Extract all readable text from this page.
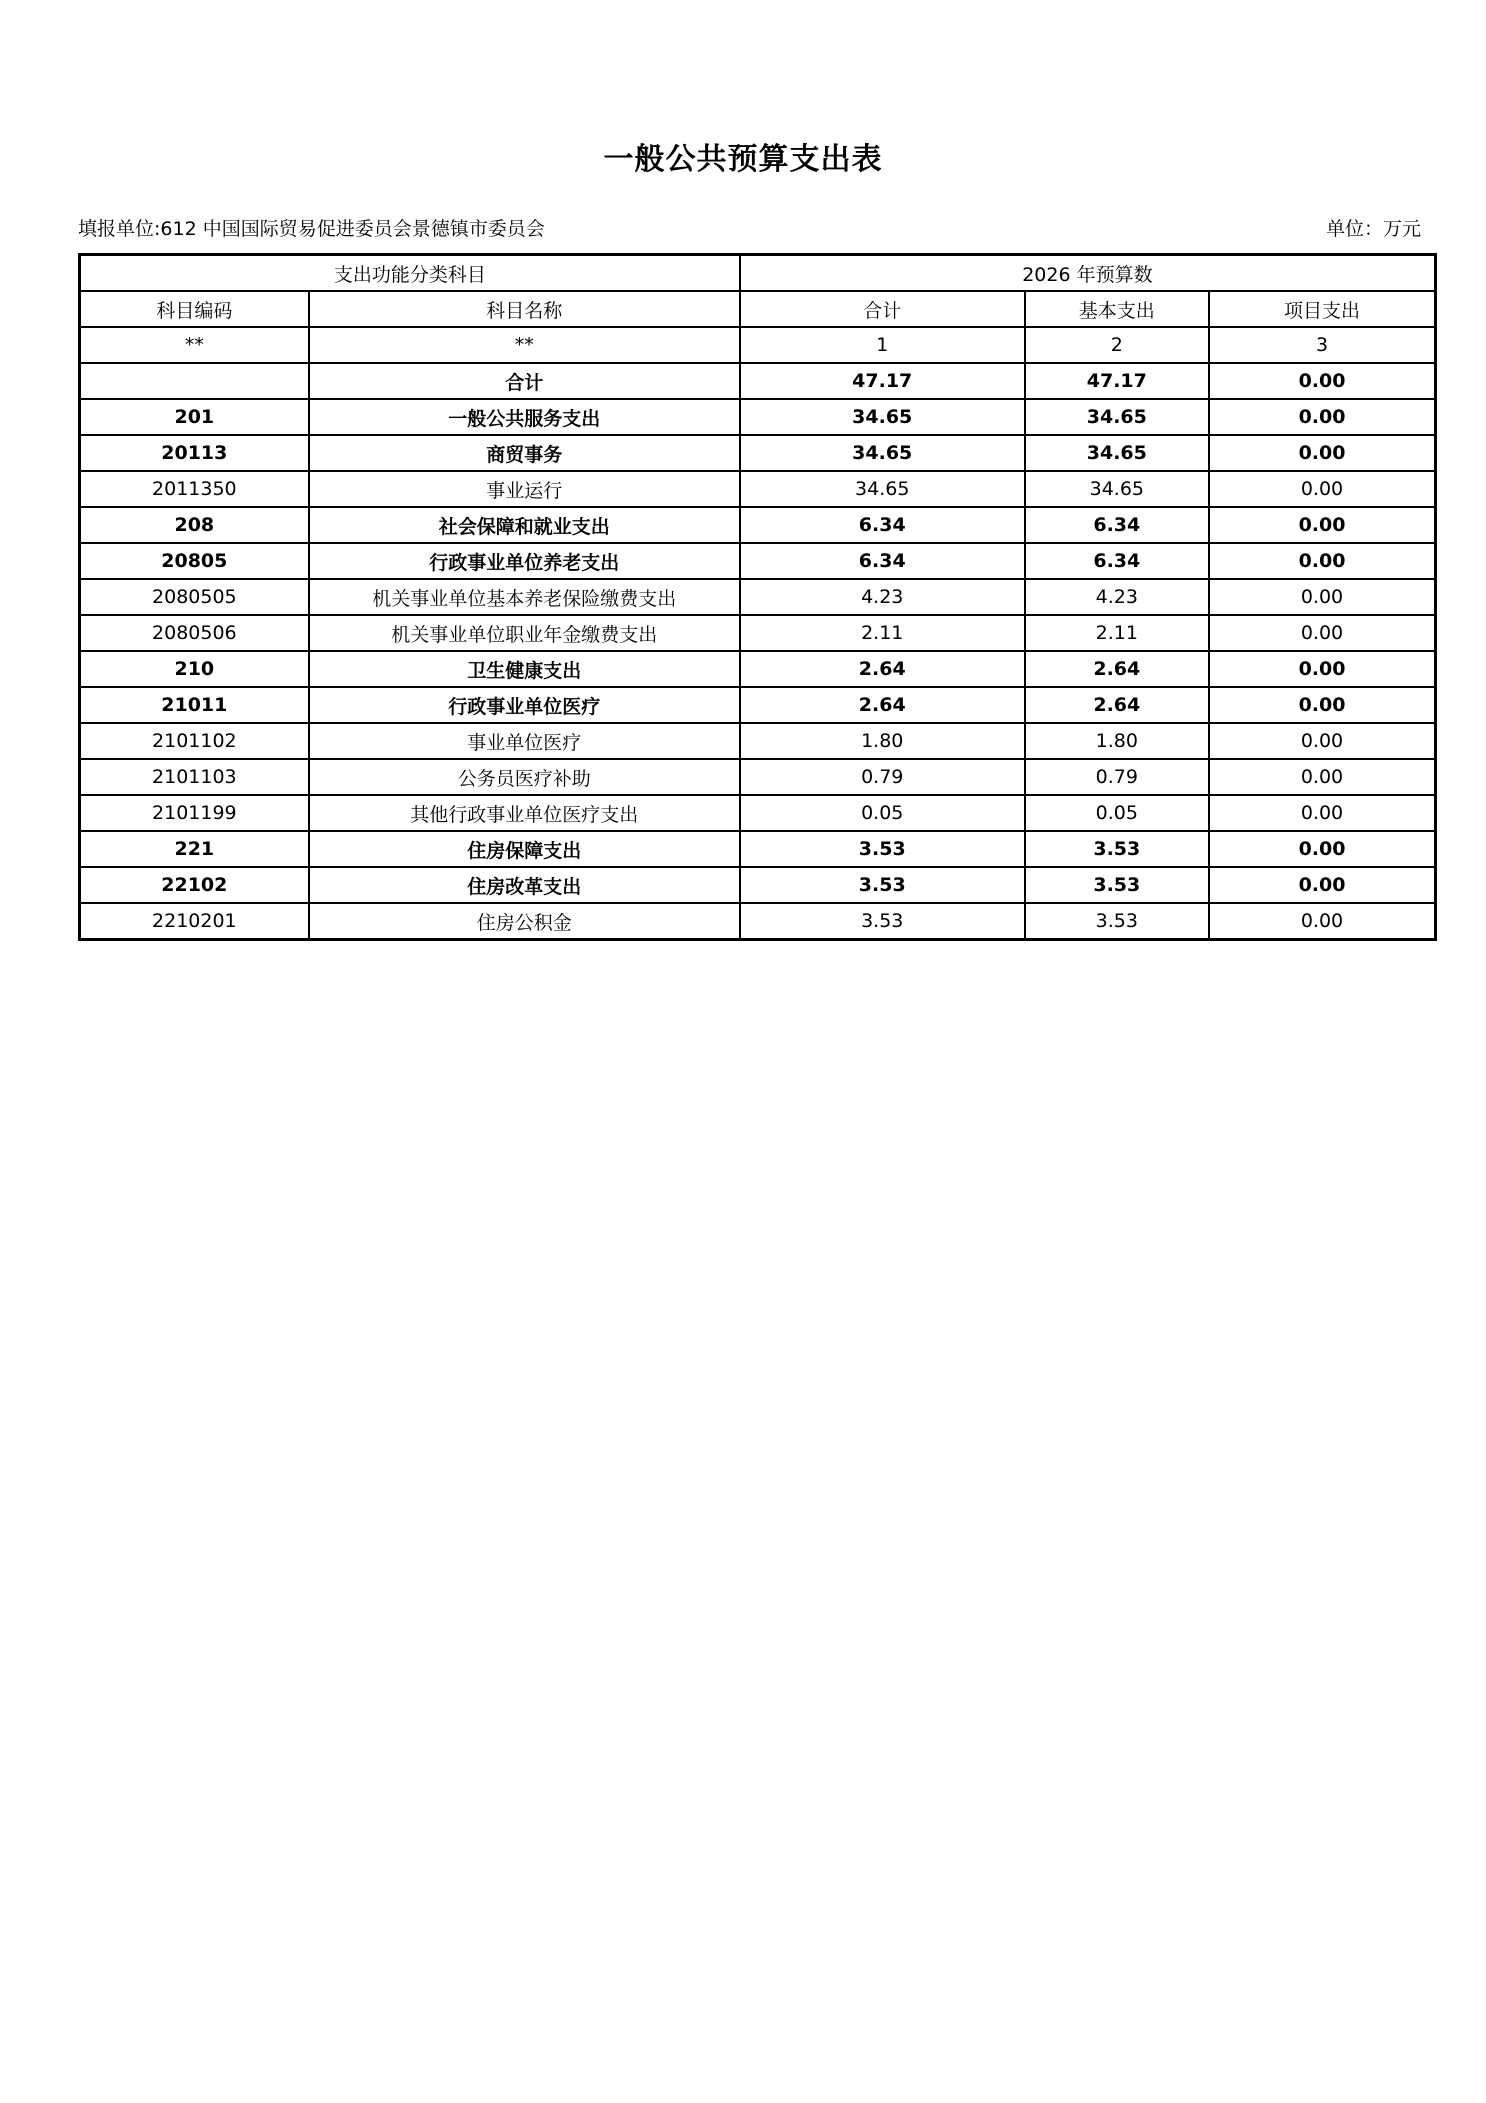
一般公共预算支出表
填报单位:612 中国国际贸易促进委员会景德镇市委员会	单位：万元
支出功能分类科目		2026 年预算数		
科目编码	科目名称	合计	基本支出	项目支出
**	**	1	2	3
	合计	47.17	47.17	0.00
201	一般公共服务支出	34.65	34.65	0.00
20113	商贸事务	34.65	34.65	0.00
2011350	事业运行	34.65	34.65	0.00
208	社会保障和就业支出	6.34	6.34	0.00
20805	行政事业单位养老支出	6.34	6.34	0.00
2080505	机关事业单位基本养老保险缴费支出	4.23	4.23	0.00
2080506	机关事业单位职业年金缴费支出	2.11	2.11	0.00
210	卫生健康支出	2.64	2.64	0.00
21011	行政事业单位医疗	2.64	2.64	0.00
2101102	事业单位医疗	1.80	1.80	0.00
2101103	公务员医疗补助	0.79	0.79	0.00
2101199	其他行政事业单位医疗支出	0.05	0.05	0.00
221	住房保障支出	3.53	3.53	0.00
22102	住房改革支出	3.53	3.53	0.00
2210201	住房公积金	3.53	3.53	0.00
